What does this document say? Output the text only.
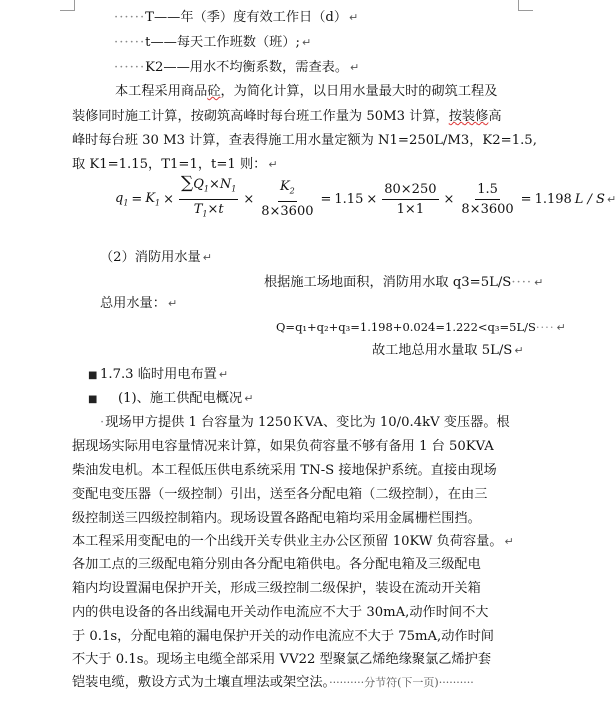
······T——年（季）度有效工作日（d） ↵
······t——每天工作班数（班）; ↵
······K2——用水不均衡系数，需查表。 ↵
本工程采用商品砼，为简化计算，以日用水量最大时的砌筑工程及
装修同时施工计算，按砌筑高峰时每台班工作量为 50M3 计算，按装修高
峰时每台班 30 M3 计算，查表得施工用水量定额为 N1=250L/M3，K2=1.5,
取 K1=1.15，T1=1，t=1 则： ↵
$q_1 = K_1 \times \frac{\sum Q_1\times N_1}{T_1\times t} \times \frac{K_2}{8\times 3600} = 1.15 \times \frac{80\times 250}{1\times 1} \times \frac{1.5}{8\times 3600} = 1.198$ L / S ↵
（2）消防用水量 ↵
根据施工场地面积，消防用水取 q3=5L/S···· ↵
总用水量： ↵
Q=q₁+q₂+q₃=1.198+0.024=1.222<q₃=5L/S···· ↵
故工地总用水量取 5L/S ↵
■ 1.7.3 临时用电布置 ↵
■ (1)、施工供配电概况 ↵
·现场甲方提供 1 台容量为 1250ＫVA、变比为 10/0.4kV 变压器。根
据现场实际用电容量情况来计算，如果负荷容量不够有备用 1 台 50KVA
柴油发电机。本工程低压供电系统采用 TN-S 接地保护系统。直接由现场
变配电变压器（一级控制）引出，送至各分配电箱（二级控制），在由三
级控制送三四级控制箱内。现场设置各路配电箱均采用金属栅栏围挡。
本工程采用变配电的一个出线开关专供业主办公区预留 10KW 负荷容量。 ↵
各加工点的三级配电箱分别由各分配电箱供电。各分配电箱及三级配电
箱内均设置漏电保护开关，形成三级控制二级保护，装设在流动开关箱
内的供电设备的各出线漏电开关动作电流应不大于 30mA,动作时间不大
于 0.1s，分配电箱的漏电保护开关的动作电流应不大于 75mA,动作时间
不大于 0.1s。现场主电缆全部采用 VV22 型聚氯乙烯绝缘聚氯乙烯护套
铠装电缆，敷设方式为土壤直埋法或架空法。··········分节符(下一页)··········
